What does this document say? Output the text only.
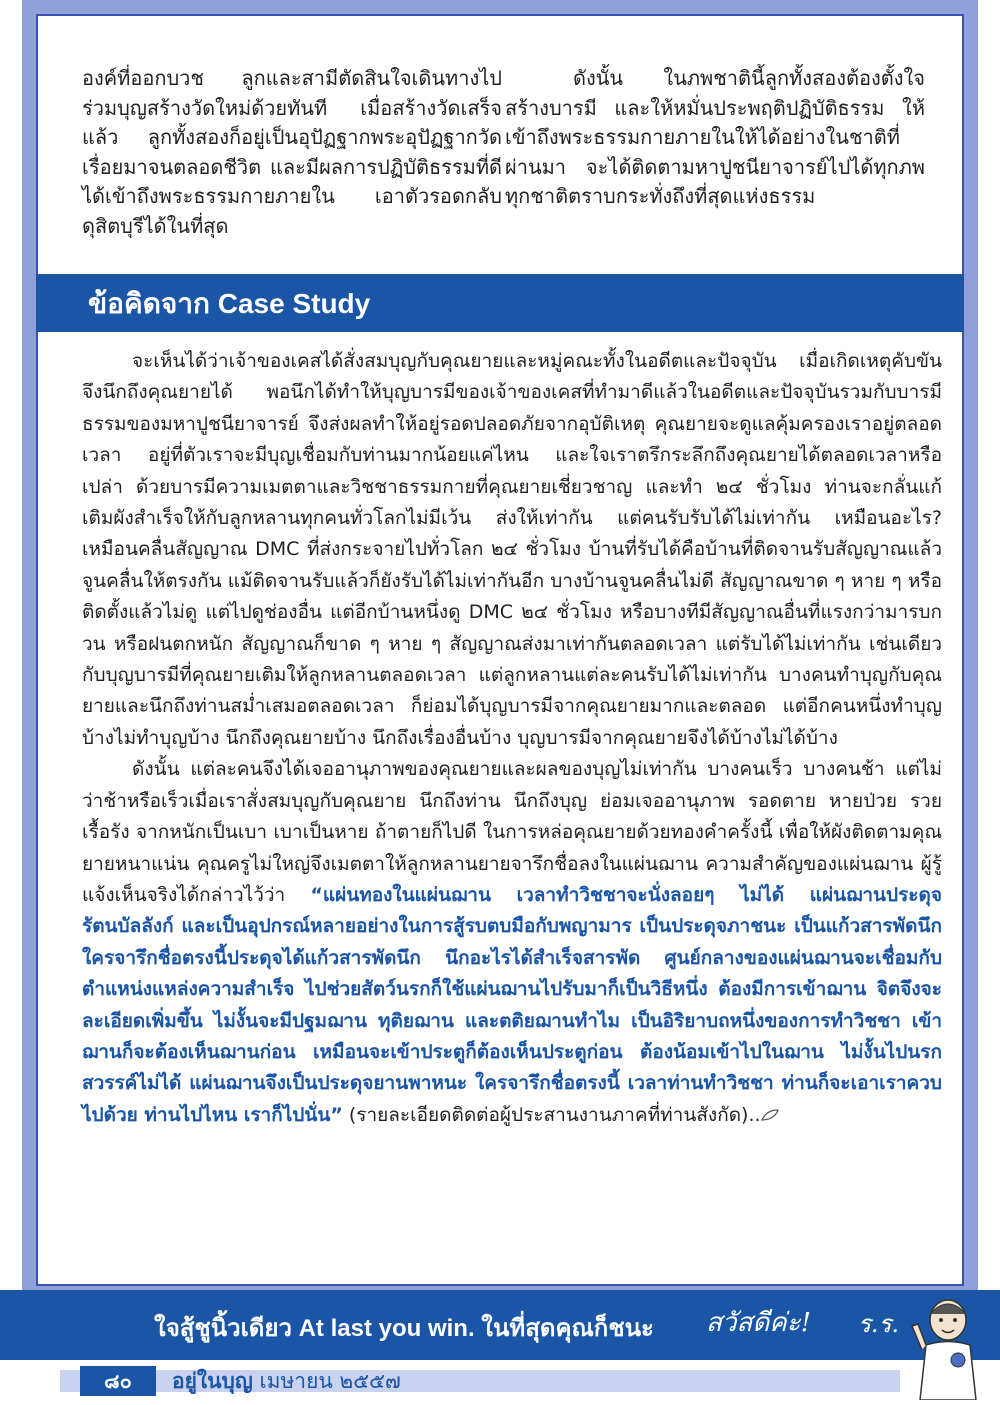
องค์ที่ออกบวช ลูกและสามีตัดสินใจเดินทางไปร่วมบุญสร้างวัดใหม่ด้วยทันที เมื่อสร้างวัดเสร็จแล้ว ลูกทั้งสองก็อยู่เป็นอุปัฏฐากพระอุปัฏฐากวัดเรื่อยมาจนตลอดชีวิต และมีผลการปฏิบัติธรรมที่ดี ได้เข้าถึงพระธรรมกายภายใน เอาตัวรอดกลับดุสิตบุรีได้ในที่สุด

ดังนั้น ในภพชาตินี้ลูกทั้งสองต้องตั้งใจสร้างบารมี และให้หมั่นประพฤติปฏิบัติธรรม ให้เข้าถึงพระธรรมกายภายในให้ได้อย่างในชาติที่ผ่านมา จะได้ติดตามหาปูชนียาจารย์ไปได้ทุกภพทุกชาติตราบกระทั่งถึงที่สุดแห่งธรรม

ข้อคิดจาก Case Study

จะเห็นได้ว่าเจ้าของเคสได้สั่งสมบุญกับคุณยายและหมู่คณะทั้งในอดีตและปัจจุบัน เมื่อเกิดเหตุคับขันจึงนึกถึงคุณยายได้ พอนึกได้ทำให้บุญบารมีของเจ้าของเคสที่ทำมาดีแล้วในอดีตและปัจจุบันรวมกับบารมีธรรมของมหาปูชนียาจารย์ จึงส่งผลทำให้อยู่รอดปลอดภัยจากอุบัติเหตุ คุณยายจะดูแลคุ้มครองเราอยู่ตลอดเวลา อยู่ที่ตัวเราจะมีบุญเชื่อมกับท่านมากน้อยแค่ไหน และใจเราตรึกระลึกถึงคุณยายได้ตลอดเวลาหรือเปล่า ด้วยบารมีความเมตตาและวิชชาธรรมกายที่คุณยายเชี่ยวชาญ และทำ ๒๔ ชั่วโมง ท่านจะกลั่นแก้ เติมผังสำเร็จให้กับลูกหลานทุกคนทั่วโลกไม่มีเว้น ส่งให้เท่ากัน แต่คนรับรับได้ไม่เท่ากัน เหมือนอะไร? เหมือนคลื่นสัญญาณ DMC ที่ส่งกระจายไปทั่วโลก ๒๔ ชั่วโมง บ้านที่รับได้คือบ้านที่ติดจานรับสัญญาณแล้วจูนคลื่นให้ตรงกัน แม้ติดจานรับแล้วก็ยังรับได้ไม่เท่ากันอีก บางบ้านจูนคลื่นไม่ดี สัญญาณขาด ๆ หาย ๆ หรือติดตั้งแล้วไม่ดู แต่ไปดูช่องอื่น แต่อีกบ้านหนึ่งดู DMC ๒๔ ชั่วโมง หรือบางทีมีสัญญาณอื่นที่แรงกว่ามารบกวน หรือฝนตกหนัก สัญญาณก็ขาด ๆ หาย ๆ สัญญาณส่งมาเท่ากันตลอดเวลา แต่รับได้ไม่เท่ากัน เช่นเดียวกับบุญบารมีที่คุณยายเติมให้ลูกหลานตลอดเวลา แต่ลูกหลานแต่ละคนรับได้ไม่เท่ากัน บางคนทำบุญกับคุณยายและนึกถึงท่านสม่ำเสมอตลอดเวลา ก็ย่อมได้บุญบารมีจากคุณยายมากและตลอด แต่อีกคนหนึ่งทำบุญบ้างไม่ทำบุญบ้าง นึกถึงคุณยายบ้าง นึกถึงเรื่องอื่นบ้าง บุญบารมีจากคุณยายจึงได้บ้างไม่ได้บ้าง

ดังนั้น แต่ละคนจึงได้เจออานุภาพของคุณยายและผลของบุญไม่เท่ากัน บางคนเร็ว บางคนช้า แต่ไม่ว่าช้าหรือเร็วเมื่อเราสั่งสมบุญกับคุณยาย นึกถึงท่าน นึกถึงบุญ ย่อมเจออานุภาพ รอดตาย หายป่วย รวยเรื้อรัง จากหนักเป็นเบา เบาเป็นหาย ถ้าตายก็ไปดี ในการหล่อคุณยายด้วยทองคำครั้งนี้ เพื่อให้ผังติดตามคุณยายหนาแน่น คุณครูไม่ใหญ่จึงเมตตาให้ลูกหลานยายจารึกชื่อลงในแผ่นฌาน ความสำคัญของแผ่นฌาน ผู้รู้แจ้งเห็นจริงได้กล่าวไว้ว่า “แผ่นทองในแผ่นฌาน เวลาทำวิชชาจะนั่งลอยๆ ไม่ได้ แผ่นฌานประดุจรัตนบัลลังก์ และเป็นอุปกรณ์หลายอย่างในการสู้รบตบมือกับพญามาร เป็นประดุจภาชนะ เป็นแก้วสารพัดนึก ใครจารึกชื่อตรงนี้ประดุจได้แก้วสารพัดนึก นึกอะไรได้สำเร็จสารพัด ศูนย์กลางของแผ่นฌานจะเชื่อมกับตำแหน่งแหล่งความสำเร็จ ไปช่วยสัตว์นรกก็ใช้แผ่นฌานไปรับมาก็เป็นวิธีหนึ่ง ต้องมีการเข้าฌาน จิตจึงจะละเอียดเพิ่มขึ้น ไม่งั้นจะมีปฐมฌาน ทุติยฌาน และตติยฌานทำไม เป็นอิริยาบถหนึ่งของการทำวิชชา เข้าฌานก็จะต้องเห็นฌานก่อน เหมือนจะเข้าประตูก็ต้องเห็นประตูก่อน ต้องน้อมเข้าไปในฌาน ไม่งั้นไปนรกสวรรค์ไม่ได้ แผ่นฌานจึงเป็นประดุจยานพาหนะ ใครจารึกชื่อตรงนี้ เวลาท่านทำวิชชา ท่านก็จะเอาเราควบไปด้วย ท่านไปไหน เราก็ไปนั่น” (รายละเอียดติดต่อผู้ประสานงานภาคที่ท่านสังกัด)..

ใจสู้ชูนิ้วเดียว At last you win. ในที่สุดคุณก็ชนะ สวัสดีค่ะ! ร.ร.
๘๐	อยู่ในบุญ เมษายน ๒๕๕๗
